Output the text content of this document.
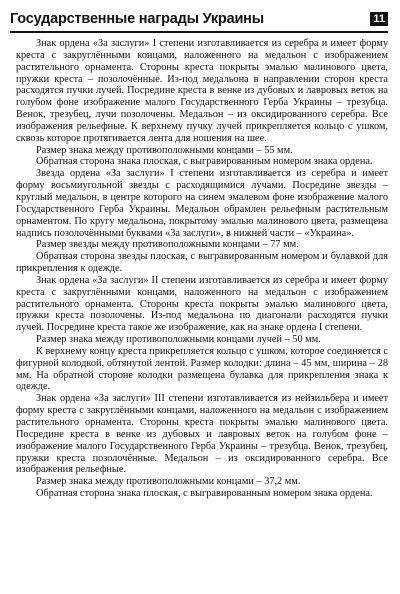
Государственные награды Украины	11

Знак ордена «За заслуги» I степени изготавливается из серебра и имеет форму креста с закруглёнными концами, наложенного на медальон с изображением растительного орнамента. Стороны креста покрыты эмалью малинового цвета, пружки креста – позолочённые. Из-под медальона в направлении сторон креста расходятся пучки лучей. Посредине креста в венке из дубовых и лавровых веток на голубом фоне изображение малого Государственного Герба Украины – трезубца. Венок, трезубец, лучи позолочены. Медальон – из оксидированного серебра. Все изображения рельефные. К верхнему пучку лучей прикрепляется кольцо с ушком, сквозь которое протягивается лента для ношения на шее.

Размер знака между противоположными концами – 55 мм.

Обратная сторона знака плоская, с выгравированным номером знака ордена.

Звезда ордена «За заслуги» I степени изготавливается из серебра и имеет форму восьмиугольной звезды с расходящимися лучами. Посредине звезды – круглый медальон, в центре которого на синем эмалевом фоне изображение малого Государственного Герба Украины. Медальон обрамлен рельефным растительным орнаментом. По кругу медальона, покрытому эмалью малинового цвета, размещена надпись позолочёнными буквами «За заслуги», в нижней части – «Украина».

Размер звезды между противоположными концами – 77 мм.

Обратная сторона звезды плоская, с выгравированным номером и булавкой для прикрепления к одежде.

Знак ордена «За заслуги» II степени изготавливается из серебра и имеет форму креста с закруглёнными концами, наложенного на медальон с изображением растительного орнамента. Стороны креста покрыты эмалью малинового цвета, пружки креста позолочены. Из-под медальона по диагонали расходятся пучки лучей. Посредине креста такое же изображение, как на знаке ордена I степени.

Размер знака между противоположными концами лучей – 50 мм.

К верхнему концу креста прикрепляется кольцо с ушком, которое соединяется с фигурной колодкой, обтянутой лентой. Размер колодки: длина – 45 мм, ширина – 28 мм. На обратной стороне колодки размещена булавка для прикрепления знака к одежде.

Знак ордена «За заслуги» III степени изготавливается из нейзильбера и имеет форму креста с закруглёнными концами, наложенного на медальон с изображением растительного орнамента. Стороны креста покрыты эмалью малинового цвета. Посредине креста в венке из дубовых и лавровых веток на голубом фоне – изображение малого Государственного Герба Украины – трезубца. Венок, трезубец, пружки креста позолочённые. Медальон – из оксидированного серебра. Все изображения рельефные.

Размер знака между противоположными концами – 37,2 мм.

Обратная сторона знака плоская, с выгравированным номером знака ордена.
